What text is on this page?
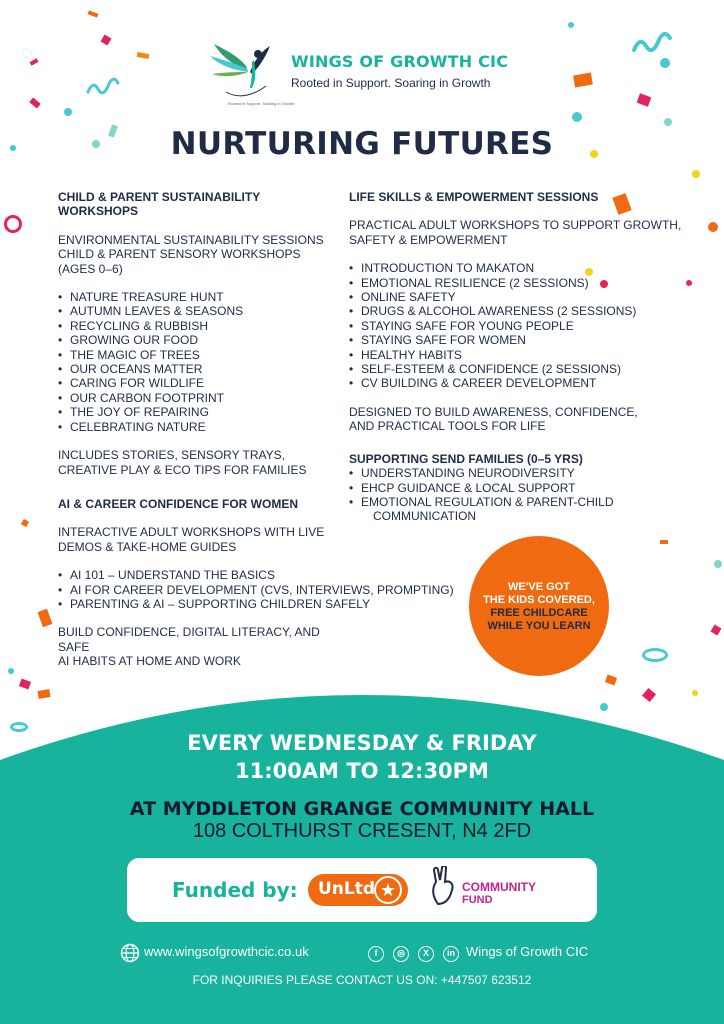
Rooted in Support. Soaring in Growth
WINGS OF GROWTH CIC
Rooted in Support. Soaring in Growth
NURTURING FUTURES
CHILD & PARENT SUSTAINABILITY
WORKSHOPS
ENVIRONMENTAL SUSTAINABILITY SESSIONS
CHILD & PARENT SENSORY WORKSHOPS
(AGES 0–6)
• NATURE TREASURE HUNT
• AUTUMN LEAVES & SEASONS
• RECYCLING & RUBBISH
• GROWING OUR FOOD
• THE MAGIC OF TREES
• OUR OCEANS MATTER
• CARING FOR WILDLIFE
• OUR CARBON FOOTPRINT
• THE JOY OF REPAIRING
• CELEBRATING NATURE
INCLUDES STORIES, SENSORY TRAYS,
CREATIVE PLAY & ECO TIPS FOR FAMILIES
AI & CAREER CONFIDENCE FOR WOMEN
INTERACTIVE ADULT WORKSHOPS WITH LIVE
DEMOS & TAKE-HOME GUIDES
• AI 101 – UNDERSTAND THE BASICS
• AI FOR CAREER DEVELOPMENT (CVS, INTERVIEWS, PROMPTING)
• PARENTING & AI – SUPPORTING CHILDREN SAFELY
BUILD CONFIDENCE, DIGITAL LITERACY, AND SAFE
AI HABITS AT HOME AND WORK
LIFE SKILLS & EMPOWERMENT SESSIONS
PRACTICAL ADULT WORKSHOPS TO SUPPORT GROWTH,
SAFETY & EMPOWERMENT
• INTRODUCTION TO MAKATON
• EMOTIONAL RESILIENCE (2 SESSIONS)
• ONLINE SAFETY
• DRUGS & ALCOHOL AWARENESS (2 SESSIONS)
• STAYING SAFE FOR YOUNG PEOPLE
• STAYING SAFE FOR WOMEN
• HEALTHY HABITS
• SELF-ESTEEM & CONFIDENCE (2 SESSIONS)
• CV BUILDING & CAREER DEVELOPMENT
DESIGNED TO BUILD AWARENESS, CONFIDENCE,
AND PRACTICAL TOOLS FOR LIFE
SUPPORTING SEND FAMILIES (0–5 YRS)
• UNDERSTANDING NEURODIVERSITY
• EHCP GUIDANCE & LOCAL SUPPORT
• EMOTIONAL REGULATION & PARENT-CHILD
COMMUNICATION
WE'VE GOT
THE KIDS COVERED,
FREE CHILDCARE
WHILE YOU LEARN
EVERY WEDNESDAY & FRIDAY
11:00AM TO 12:30PM
AT MYDDLETON GRANGE COMMUNITY HALL
108 COLTHURST CRESENT, N4 2FD
Funded by: UnLtd ★	COMMUNITY
FUND
www.wingsofgrowthcic.co.uk	f	◎	X	in Wings of Growth CIC
FOR INQUIRIES PLEASE CONTACT US ON: +447507 623512
